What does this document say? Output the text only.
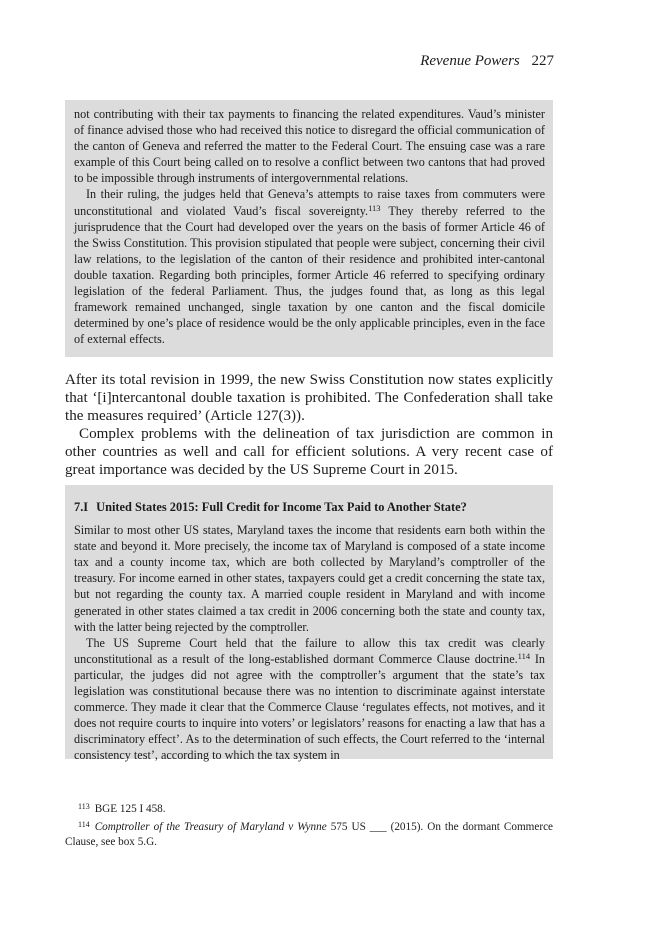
Revenue Powers 227

not contributing with their tax payments to financing the related expenditures. Vaud’s minister of finance advised those who had received this notice to disregard the official communication of the canton of Geneva and referred the matter to the Federal Court. The ensuing case was a rare example of this Court being called on to resolve a conflict between two cantons that had proved to be impossible through instruments of intergovernmental relations.

In their ruling, the judges held that Geneva’s attempts to raise taxes from commuters were unconstitutional and violated Vaud’s fiscal sovereignty.$^{113}$ They thereby referred to the jurisprudence that the Court had developed over the years on the basis of former Article 46 of the Swiss Constitution. This provision stipulated that people were subject, concerning their civil law relations, to the legislation of the canton of their residence and prohibited inter-cantonal double taxation. Regarding both principles, former Article 46 referred to specifying ordinary legislation of the federal Parliament. Thus, the judges found that, as long as this legal framework remained unchanged, single taxation by one canton and the fiscal domicile determined by one’s place of residence would be the only applicable principles, even in the face of external effects.

After its total revision in 1999, the new Swiss Constitution now states explicitly that ‘[i]ntercantonal double taxation is prohibited. The Confederation shall take the measures required’ (Article 127(3)).

Complex problems with the delineation of tax jurisdiction are common in other countries as well and call for efficient solutions. A very recent case of great importance was decided by the US Supreme Court in 2015.

7.I United States 2015: Full Credit for Income Tax Paid to Another State?

Similar to most other US states, Maryland taxes the income that residents earn both within the state and beyond it. More precisely, the income tax of Maryland is composed of a state income tax and a county income tax, which are both collected by Maryland’s comptroller of the treasury. For income earned in other states, taxpayers could get a credit concerning the state tax, but not regarding the county tax. A married couple resident in Maryland and with income generated in other states claimed a tax credit in 2006 concerning both the state and county tax, with the latter being rejected by the comptroller.

The US Supreme Court held that the failure to allow this tax credit was clearly unconstitutional as a result of the long-established dormant Commerce Clause doctrine.$^{114}$ In particular, the judges did not agree with the comptroller’s argument that the state’s tax legislation was constitutional because there was no intention to discriminate against interstate commerce. They made it clear that the Commerce Clause ‘regulates effects, not motives, and it does not require courts to inquire into voters’ or legislators’ reasons for enacting a law that has a discriminatory effect’. As to the determination of such effects, the Court referred to the ‘internal consistency test’, according to which the tax system in

$^{113}$ BGE 125 I 458.

$^{114}$ Comptroller of the Treasury of Maryland v Wynne 575 US ___ (2015). On the dormant Commerce Clause, see box 5.G.
